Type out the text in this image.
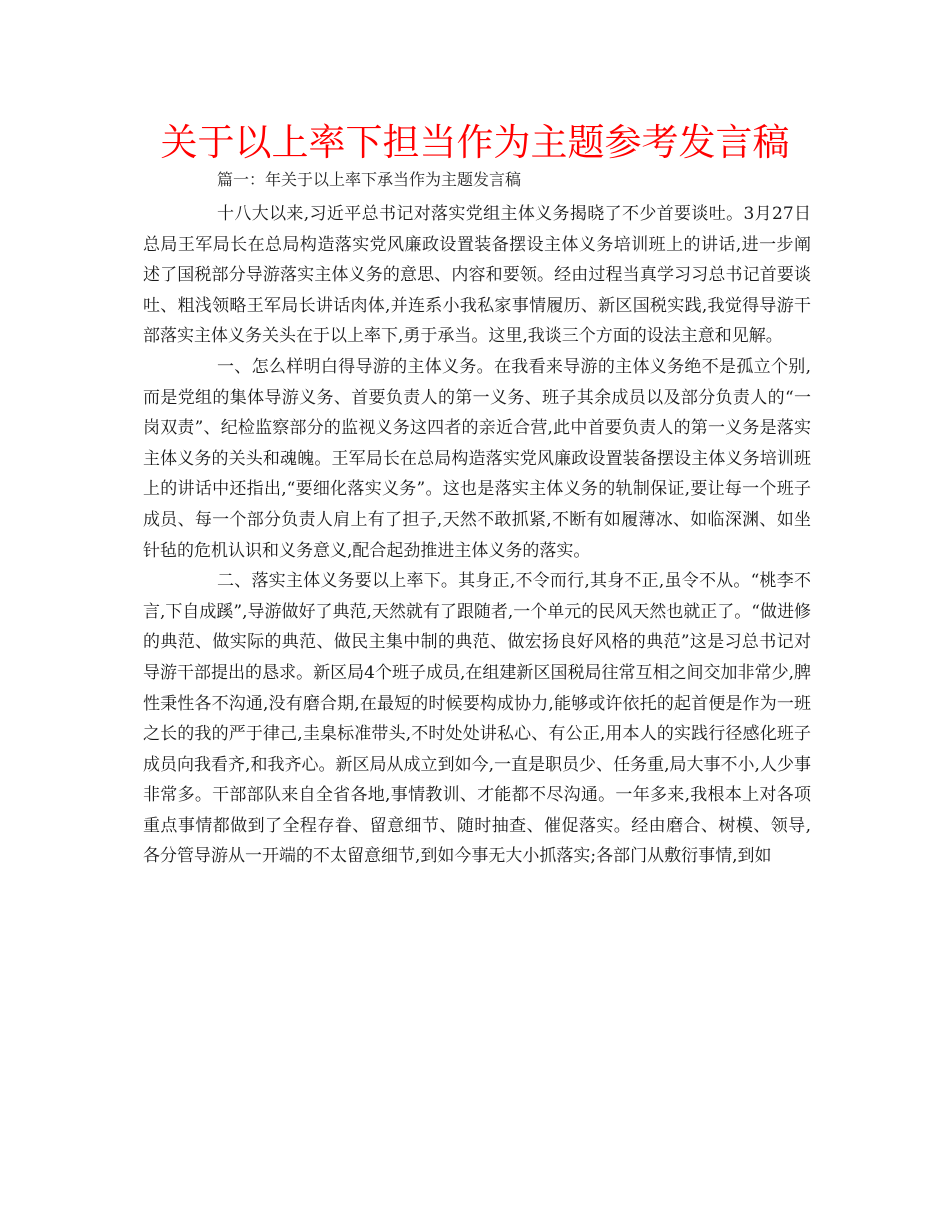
关于以上率下担当作为主题参考发言稿

篇一：年关于以上率下承当作为主题发言稿

十八大以来,习近平总书记对落实党组主体义务揭晓了不少首要谈吐。3月27日总局王军局长在总局构造落实党风廉政设置装备摆设主体义务培训班上的讲话,进一步阐述了国税部分导游落实主体义务的意思、内容和要领。经由过程当真学习习总书记首要谈吐、粗浅领略王军局长讲话肉体,并连系小我私家事情履历、新区国税实践,我觉得导游干部落实主体义务关头在于以上率下,勇于承当。这里,我谈三个方面的设法主意和见解。

一、怎么样明白得导游的主体义务。在我看来导游的主体义务绝不是孤立个别,而是党组的集体导游义务、首要负责人的第一义务、班子其余成员以及部分负责人的“一岗双责”、纪检监察部分的监视义务这四者的亲近合营,此中首要负责人的第一义务是落实主体义务的关头和魂魄。王军局长在总局构造落实党风廉政设置装备摆设主体义务培训班上的讲话中还指出,“要细化落实义务”。这也是落实主体义务的轨制保证,要让每一个班子成员、每一个部分负责人肩上有了担子,天然不敢抓紧,不断有如履薄冰、如临深渊、如坐针毡的危机认识和义务意义,配合起劲推进主体义务的落实。

二、落实主体义务要以上率下。其身正,不令而行,其身不正,虽令不从。“桃李不言,下自成蹊”,导游做好了典范,天然就有了跟随者,一个单元的民风天然也就正了。“做进修的典范、做实际的典范、做民主集中制的典范、做宏扬良好风格的典范”这是习总书记对导游干部提出的恳求。新区局4个班子成员,在组建新区国税局往常互相之间交加非常少,脾性秉性各不沟通,没有磨合期,在最短的时候要构成协力,能够或许依托的起首便是作为一班之长的我的严于律己,圭臬标准带头,不时处处讲私心、有公正,用本人的实践行径感化班子成员向我看齐,和我齐心。新区局从成立到如今,一直是职员少、任务重,局大事不小,人少事非常多。干部部队来自全省各地,事情教训、才能都不尽沟通。一年多来,我根本上对各项重点事情都做到了全程存眷、留意细节、随时抽查、催促落实。经由磨合、树模、领导,各分管导游从一开端的不太留意细节,到如今事无大小抓落实;各部门从敷衍事情,到如
